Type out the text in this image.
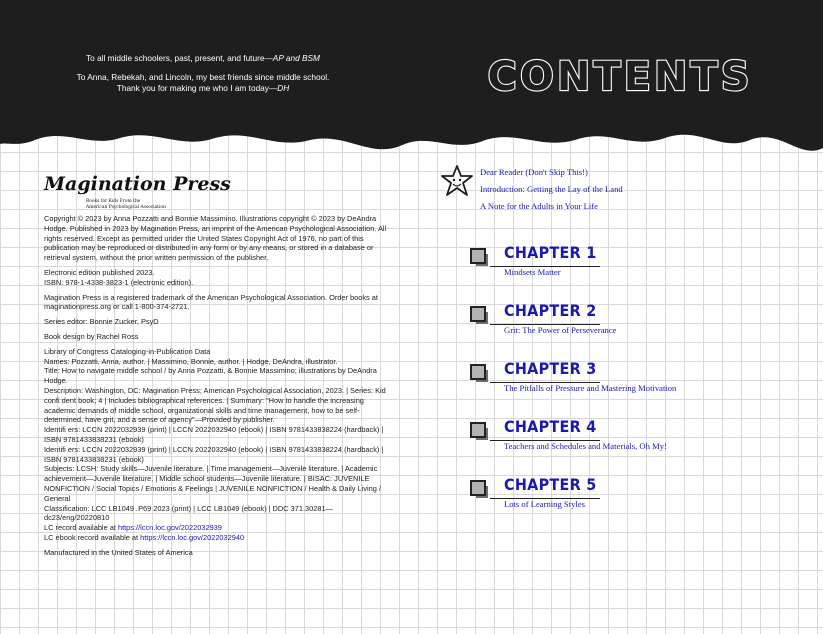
To all middle schoolers, past, present, and future—AP and BSM

To Anna, Rebekah, and Lincoln, my best friends since middle school. Thank you for making me who I am today—DH	CONTENTS
Magination Press
Books for Kids From the
American Psychological Association

Copyright © 2023 by Anna Pozzatti and Bonnie Massimino. Illustrations copyright © 2023 by DeAndra Hodge. Published in 2023 by Magination Press, an imprint of the American Psychological Association. All rights reserved. Except as permitted under the United States Copyright Act of 1976, no part of this publication may be reproduced or distributed in any form or by any means, or stored in a database or retrieval system, without the prior written permission of the publisher.

Electronic edition published 2023.

ISBN: 978-1-4338-3823-1 (electronic edition).

Magination Press is a registered trademark of the American Psychological Association. Order books at maginationpress.org or call 1-800-374-2721.

Series editor: Bonnie Zucker, PsyD

Book design by Rachel Ross

Library of Congress Cataloging-in-Publication Data

Names: Pozzatti, Anna, author. | Massimino, Bonnie, author. | Hodge, DeAndra, illustrator.

Title: How to navigate middle school / by Anna Pozzatti, & Bonnie Massimino; illustrations by DeAndra Hodge.

Description: Washington, DC: Magination Press; American Psychological Association, 2023. | Series: Kid confi dent book; 4 | Includes bibliographical references. | Summary: "How to handle the increasing academic demands of middle school, organizational skills and time management, how to be self-determined, have grit, and a sense of agency"—Provided by publisher.

Identifi ers: LCCN 2022032939 (print) | LCCN 2022032940 (ebook) | ISBN 9781433838224 (hardback) | ISBN 9781433838231 (ebook)

Identifi ers: LCCN 2022032939 (print) | LCCN 2022032940 (ebook) | ISBN 9781433838224 (hardback) | ISBN 9781433838231 (ebook)

Subjects: LCSH: Study skills—Juvenile literature. | Time management—Juvenile literature. | Academic achievement—Juvenile literature. | Middle school students—Juvenile literature. | BISAC: JUVENILE

NONFICTION / Social Topics / Emotions & Feelings | JUVENILE NONFICTION / Health & Daily Living / General

Classification: LCC LB1049 .P69 2023 (print) | LCC LB1049 (ebook) | DDC 371.30281—dc23/eng/20220810

LC record available at https://lccn.loc.gov/2022032939

LC ebook record available at https://lccn.loc.gov/2022032940

Manufactured in the United States of America

Dear Reader (Don't Skip This!)
Introduction: Getting the Lay of the Land
A Note for the Adults in Your Life
CHAPTER 1
Mindsets Matter
CHAPTER 2
Grit: The Power of Perseverance
CHAPTER 3
The Pitfalls of Pressure and Mastering Motivation
CHAPTER 4
Teachers and Schedules and Materials, Oh My!
CHAPTER 5
Lots of Learning Styles
